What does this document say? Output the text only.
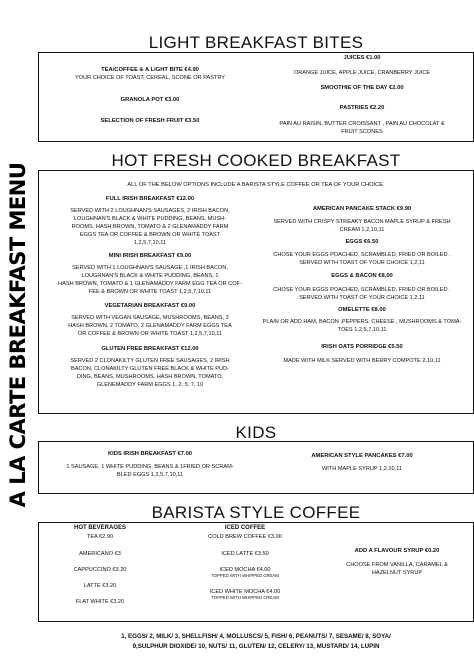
A LA CARTE BREAKFAST MENU
LIGHT BREAKFAST BITES
TEA/COFFEE & A LIGHT BITE €4.90
YOUR CHOICE OF TOAST, CEREAL, SCONE OR PASTRY
GRANOLA POT €3.00
SELECTION OF FRESH FRUIT €3.50
JUICES €1.00
ORANGE JUICE, APPLE JUICE, CRANBERRY JUICE
SMOOTHIE OF THE DAY €2.00
PASTRIES €2.20
PAIN AU RAISIN, BUTTER CROISSANT , PAIN AU CHOCOLAT &
FRUIT SCONES
HOT FRESH COOKED BREAKFAST
ALL OF THE BELOW OPTIONS INCLUDE A BARISTA STYLE COFFEE OR TEA OF YOUR CHOICE.
FULL IRISH BREAKFAST €12.00
SERVED WITH 2 LOUGHNAN'S SAUSAGES, 2 IRISH BACON,
LOUGHNAN'S BLACK & WHITE PUDDING, BEANS, MUSH-
ROOMS, HASH BROWN, TOMATO & 2 GLENAMADDY FARM
EGGS TEA OR COFFEE & BROWN OR WHITE TOAST
1,2,5,7,10,11
MINI IRISH BREAKFAST €9.00
SERVED WITH 1 LOUGHNAN'S SAUSAGE ,1 IRISH BACON,
LOUGHNAN'S BLACK & WHITE PUDDING, BEANS, 1
HASH BROWN, TOMATO & 1 GLENAMADDY FARM EGG TEA OR COF-
FEE & BROWN OR WHITE TOAST 1,2,5,7,10,11
VEGETARIAN BREAKFAST €9.00
SERVED WITH VEGAN SAUSAGE, MUSHROOMS, BEANS, 2
HASH BROWN, 2 TOMATO, 2 GLENAMADDY FARM EGGS TEA
OR COFFEE & BROWN OR WHITE TOAST 1,2,5,7,10,11
GLUTEN FREE BREAKFAST €12.00
SERVED 2 CLONAKILTY GLUTEN FREE SAUSAGES, 2 IRISH
BACON, CLONAKILTY GLUTEN FREE BLACK & WHITE PUD-
DING, BEANS, MUSHROOMS, HASH BROWN, TOMATO,
GLENEMADDY FARM EGGS 1, 2, 5, 7, 10
AMERICAN PANCAKE STACK €9.90
SERVED WITH CRISPY STREAKY BACON MAPLE SYRUP & FRESH
CREAM 1,2,10,11
EGGS €6.50
CHOSE YOUR EGGS POACHED, SCRAMBLED, FRIED OR BOILED .
SERVED WITH TOAST OF YOUR CHOICE 1,2,11
EGGS & BACON €8.00
CHOSE YOUR EGGS POACHED, SCRAMBLED, FRIED OR BOILED .
SERVED WITH TOAST OF YOUR CHOICE 1,2,11
OMELETTE €8.00
PLAIN OR ADD HAM, BACON ,PEPPERS, CHEESE , MUSHROOMS & TOMA-
TOES 1,2,5,7,10,11
IRISH OATS PORRIDGE €5.50
MADE WITH MILK SERVED WITH BERRY COMPOTE 2,10,11
KIDS
KIDS IRISH BREAKFAST €7.00
1 SAUSAGE, 1 WHITE PUDDING, BEANS & 1FRIED OR SCRAM-
BLED EGGS 1,2,5,7,10,11
AMERICAN STYLE PANCAKES €7.00
WITH MAPLE SYRUP 1,2,10,11
BARISTA STYLE COFFEE
HOT BEVERAGES
TEA €2.90
AMERICANO €3
CAPPUCCINO €3.20
LATTE €3.20
FLAT WHITE €3.20
ICED COFFEE
COLD BREW COFFEE €3.00
ICED LATTE €3.50
ICED MOCHA €4.00
TOPPED WITH WHIPPED CREAM
ICED WHITE MOCHA €4.00
TOPPED WITH WHIPPED CREAM
ADD A FLAVOUR SYRUP €0.20
CHOOSE FROM VANILLA, CARAMEL &
HAZELNUT SYRUP
1, EGGS/ 2, MILK/ 3, SHELLFISH/ 4, MOLLUSCS/ 5, FISH/ 6, PEANUTS/ 7, SESAME/ 8, SOYA/
9,SULPHUR DIOXIDE/ 10, NUTS/ 11, GLUTEN/ 12, CELERY/ 13, MUSTARD/ 14, LUPIN
